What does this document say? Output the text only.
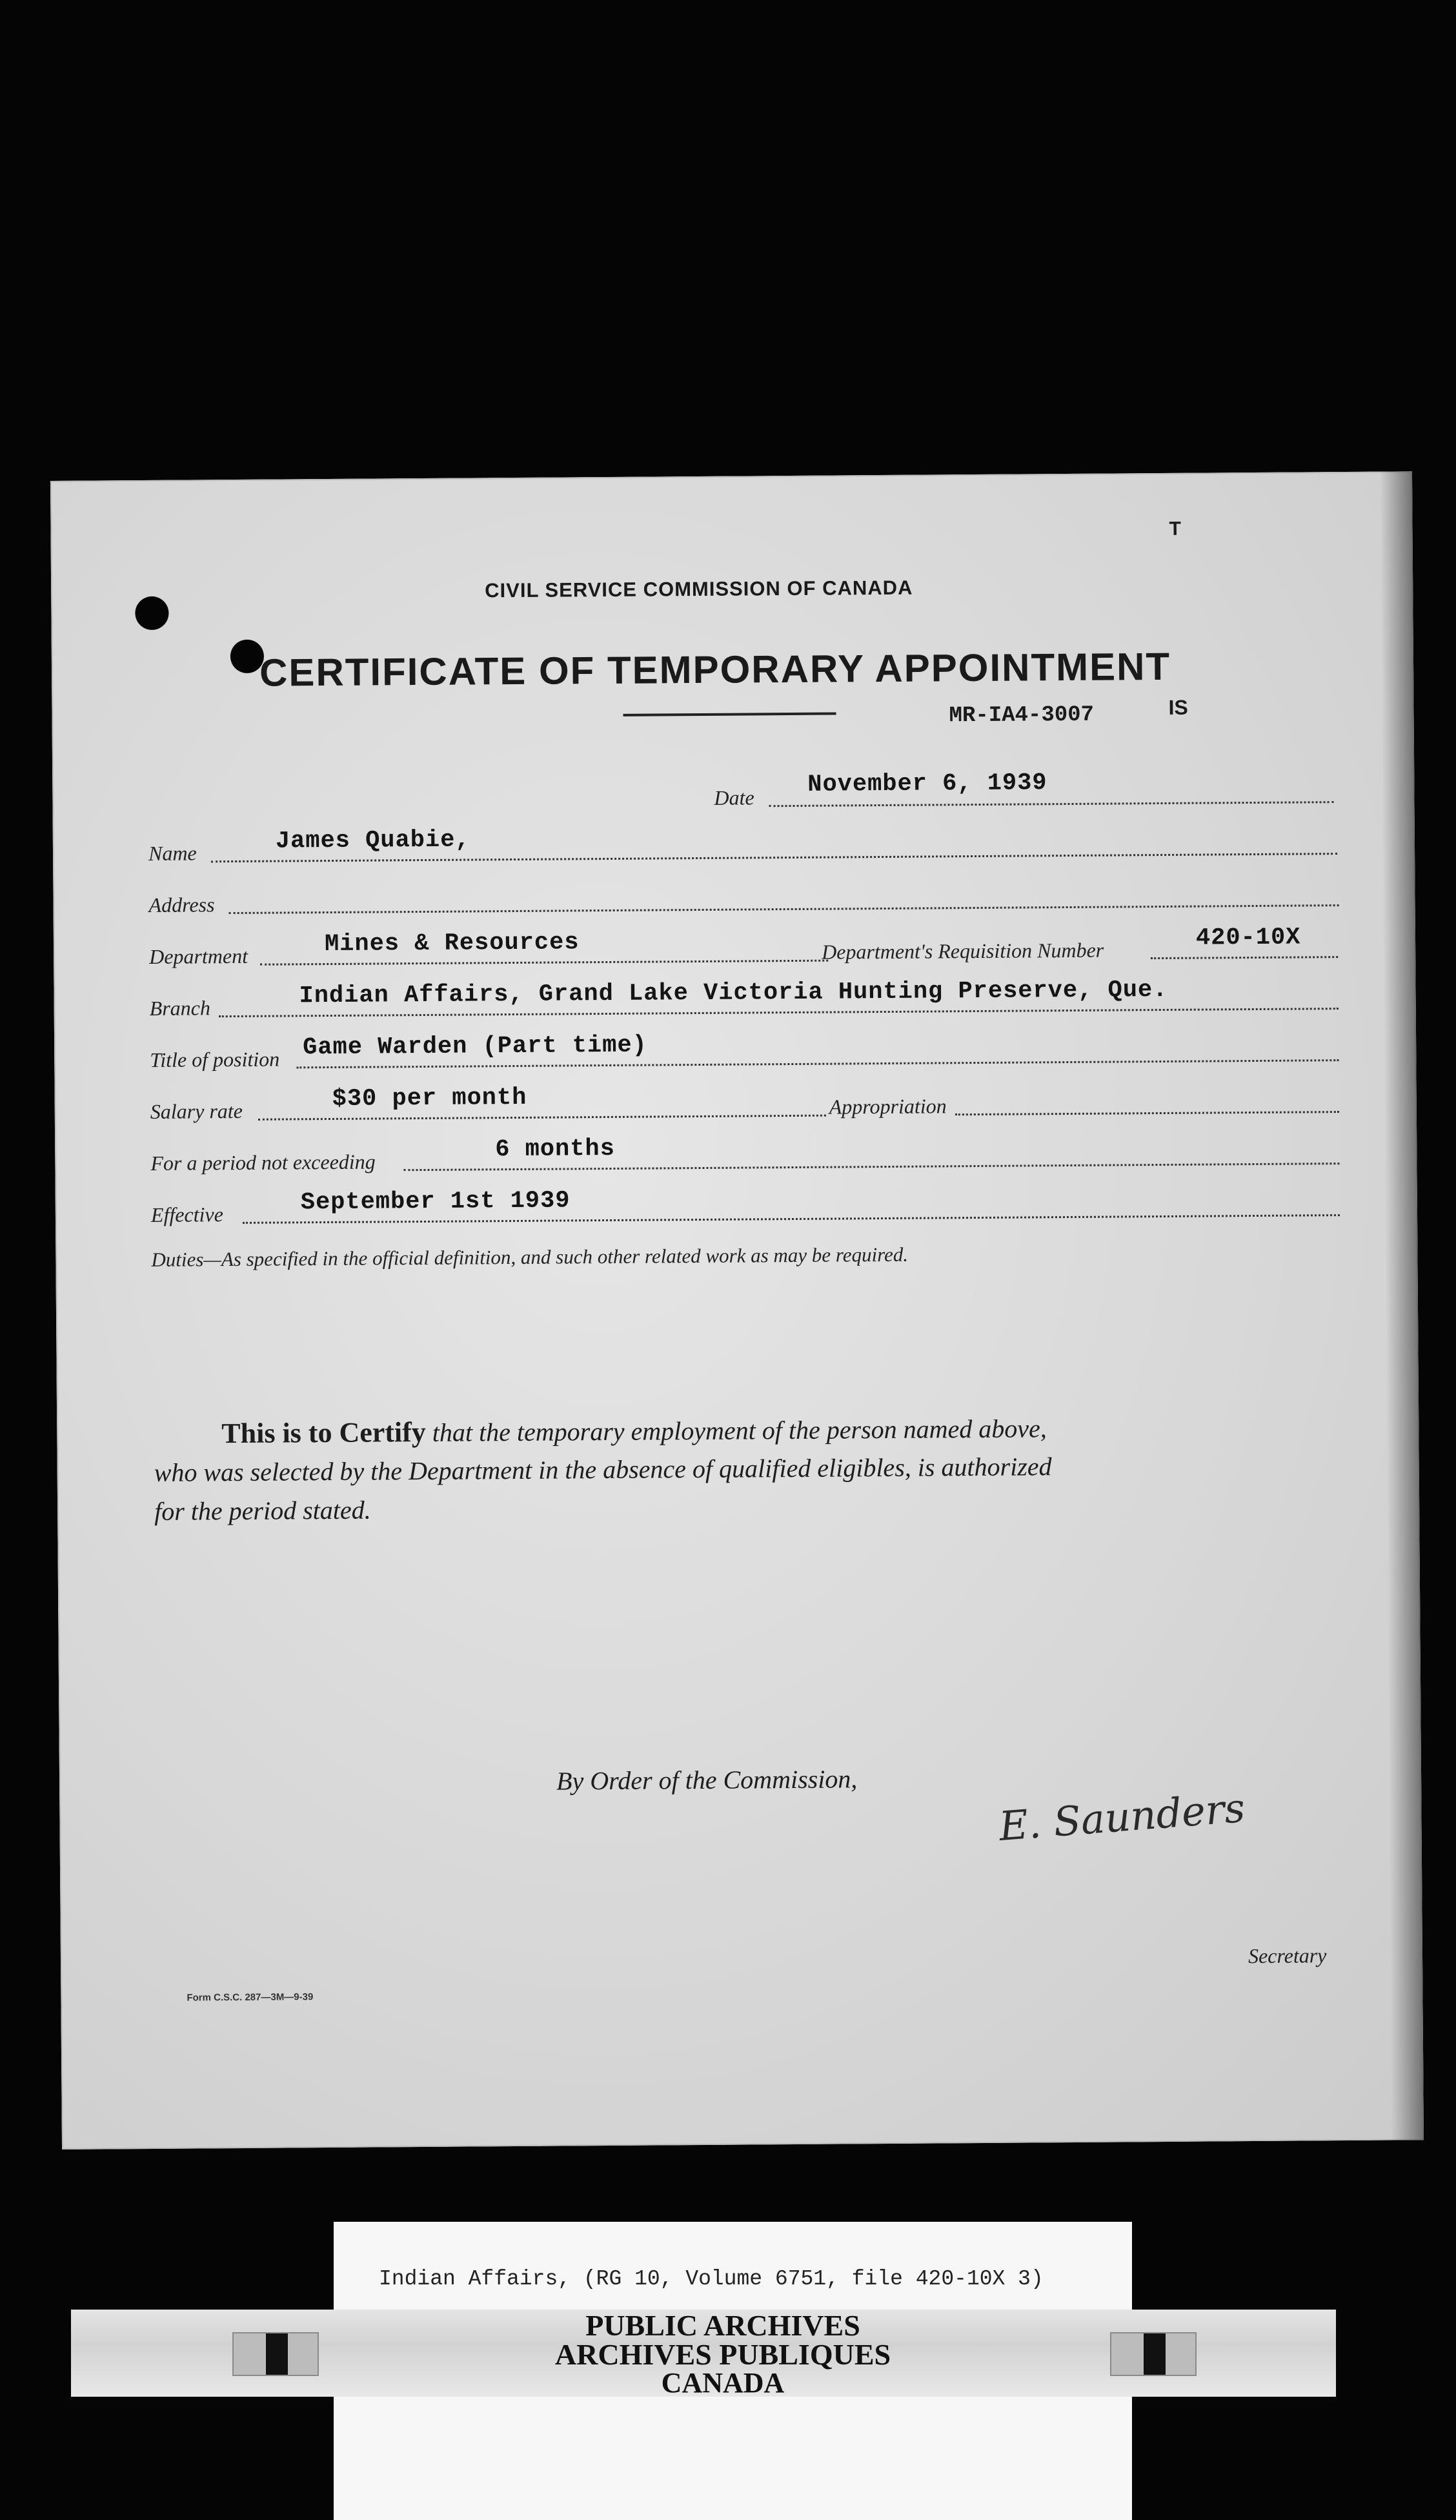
T
CIVIL SERVICE COMMISSION OF CANADA
CERTIFICATE OF TEMPORARY APPOINTMENT
MR-IA4-3007	IS
Date November 6, 1939
Name	James Quabie,
Address
Department	Mines & Resources	Department's Requisition Number	420-10X
Branch	Indian Affairs, Grand Lake Victoria Hunting Preserve, Que.
Title of position Game Warden (Part time)
Salary rate	$30 per month	Appropriation
For a period not exceeding	6 months
Effective	September 1st 1939
Duties—As specified in the official definition, and such other related work as may be required.
This is to Certify that the temporary employment of the person named above,
who was selected by the Department in the absence of qualified eligibles, is authorized
for the period stated.
By Order of the Commission,
E. Saunders
Secretary
Form C.S.C. 287—3M—9-39
Indian Affairs, (RG 10, Volume 6751, file 420-10X 3)
PUBLIC ARCHIVES
ARCHIVES PUBLIQUES
CANADA
